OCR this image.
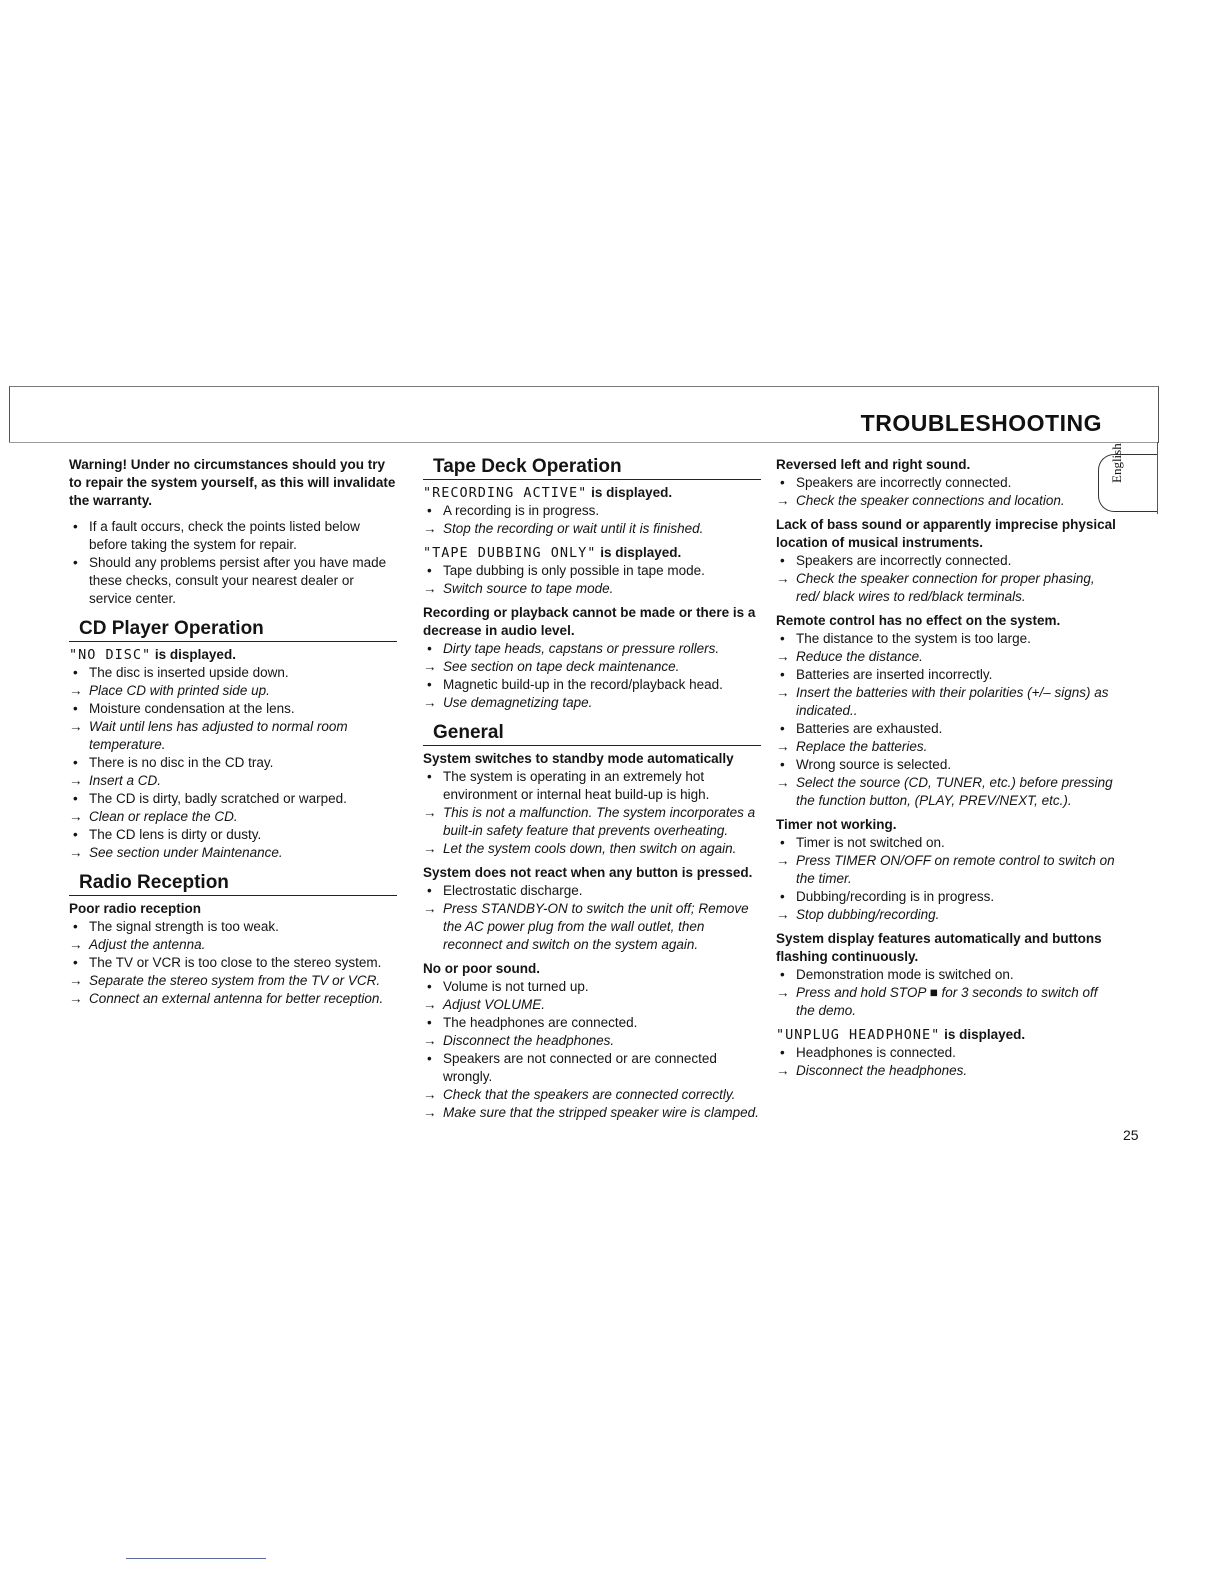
TROUBLESHOOTING
English

Warning! Under no circumstances should you try to repair the system yourself, as this will invalidate the warranty.

• If a fault occurs, check the points listed below before taking the system for repair.
• Should any problems persist after you have made these checks, consult your nearest dealer or service center.
CD Player Operation

"NO DISC" is displayed.

• The disc is inserted upside down.
→ Place CD with printed side up.
• Moisture condensation at the lens.
→ Wait until lens has adjusted to normal room temperature.
• There is no disc in the CD tray.
→ Insert a CD.
• The CD is dirty, badly scratched or warped.
→ Clean or replace the CD.
• The CD lens is dirty or dusty.
→ See section under Maintenance.
Radio Reception

Poor radio reception

• The signal strength is too weak.
→ Adjust the antenna.
• The TV or VCR is too close to the stereo system.
→ Separate the stereo system from the TV or VCR.
→ Connect an external antenna for better reception.
Tape Deck Operation

"RECORDING ACTIVE" is displayed.

• A recording is in progress.
→ Stop the recording or wait until it is finished.

"TAPE DUBBING ONLY" is displayed.

• Tape dubbing is only possible in tape mode.
→ Switch source to tape mode.

Recording or playback cannot be made or there is a decrease in audio level.

• Dirty tape heads, capstans or pressure rollers.
→ See section on tape deck maintenance.
• Magnetic build-up in the record/playback head.
→ Use demagnetizing tape.
General

System switches to standby mode automatically

• The system is operating in an extremely hot environment or internal heat build-up is high.
→ This is not a malfunction. The system incorporates a built-in safety feature that prevents overheating.
→ Let the system cools down, then switch on again.

System does not react when any button is pressed.

• Electrostatic discharge.
→ Press STANDBY-ON to switch the unit off; Remove the AC power plug from the wall outlet, then reconnect and switch on the system again.

No or poor sound.

• Volume is not turned up.
→ Adjust VOLUME.
• The headphones are connected.
→ Disconnect the headphones.
• Speakers are not connected or are connected wrongly.
→ Check that the speakers are connected correctly.
→ Make sure that the stripped speaker wire is clamped.

Reversed left and right sound.

• Speakers are incorrectly connected.
→ Check the speaker connections and location.

Lack of bass sound or apparently imprecise physical location of musical instruments.

• Speakers are incorrectly connected.
→ Check the speaker connection for proper phasing, red/ black wires to red/black terminals.

Remote control has no effect on the system.

• The distance to the system is too large.
→ Reduce the distance.
• Batteries are inserted incorrectly.
→ Insert the batteries with their polarities (+/– signs) as indicated..
• Batteries are exhausted.
→ Replace the batteries.
• Wrong source is selected.
→ Select the source (CD, TUNER, etc.) before pressing the function button, (PLAY, PREV/NEXT, etc.).

Timer not working.

• Timer is not switched on.
→ Press TIMER ON/OFF on remote control to switch on the timer.
• Dubbing/recording is in progress.
→ Stop dubbing/recording.

System display features automatically and buttons flashing continuously.

• Demonstration mode is switched on.
→ Press and hold STOP ■ for 3 seconds to switch off the demo.

"UNPLUG HEADPHONE" is displayed.

• Headphones is connected.
→ Disconnect the headphones.
25
